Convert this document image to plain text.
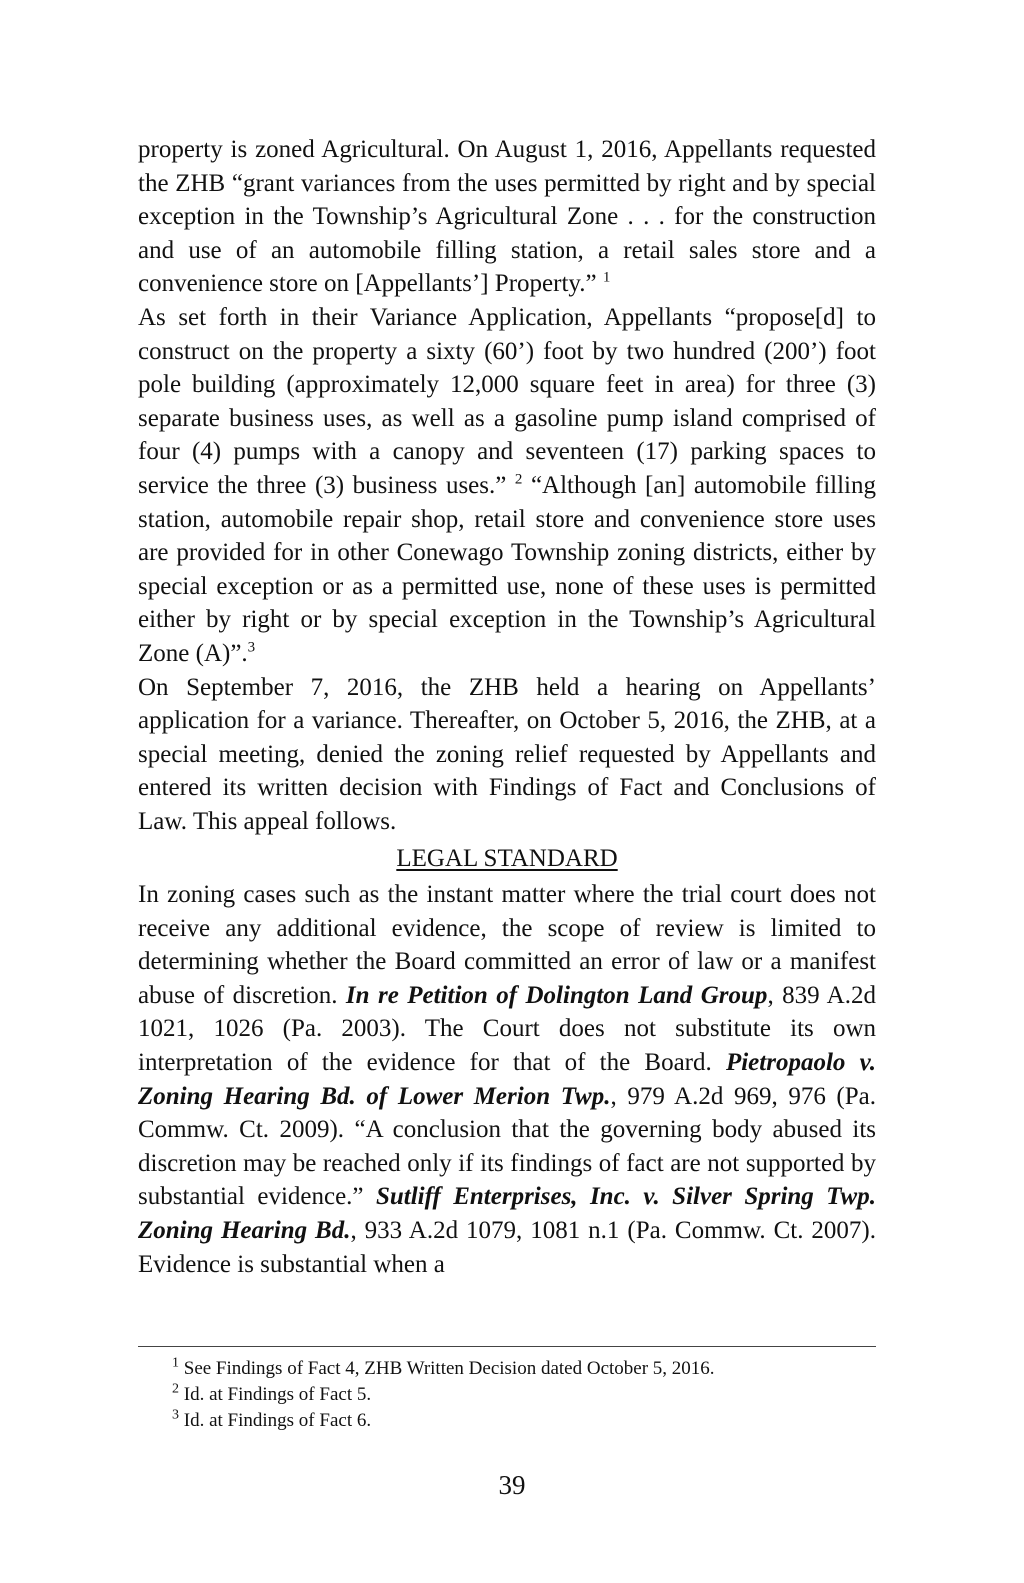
property is zoned Agricultural. On August 1, 2016, Appellants requested the ZHB “grant variances from the uses permitted by right and by special exception in the Township’s Agricultural Zone . . . for the construction and use of an automobile filling station, a retail sales store and a convenience store on [Appellants’] Property.” $^1$

As set forth in their Variance Application, Appellants “propose[d] to construct on the property a sixty (60’) foot by two hundred (200’) foot pole building (approximately 12,000 square feet in area) for three (3) separate business uses, as well as a gasoline pump island comprised of four (4) pumps with a canopy and seventeen (17) parking spaces to service the three (3) business uses.” $^2$ “Although [an] automobile filling station, automobile repair shop, retail store and convenience store uses are provided for in other Conewago Township zoning districts, either by special exception or as a permitted use, none of these uses is permitted either by right or by special exception in the Township’s Agricultural Zone (A)”.$^3$

On September 7, 2016, the ZHB held a hearing on Appellants’ application for a variance. Thereafter, on October 5, 2016, the ZHB, at a special meeting, denied the zoning relief requested by Appellants and entered its written decision with Findings of Fact and Conclusions of Law. This appeal follows.

LEGAL STANDARD

In zoning cases such as the instant matter where the trial court does not receive any additional evidence, the scope of review is limited to determining whether the Board committed an error of law or a manifest abuse of discretion. In re Petition of Dolington Land Group, 839 A.2d 1021, 1026 (Pa. 2003). The Court does not substitute its own interpretation of the evidence for that of the Board. Pietropaolo v. Zoning Hearing Bd. of Lower Merion Twp., 979 A.2d 969, 976 (Pa. Commw. Ct. 2009). “A conclusion that the governing body abused its discretion may be reached only if its findings of fact are not supported by substantial evidence.” Sutliff Enterprises, Inc. v. Silver Spring Twp. Zoning Hearing Bd., 933 A.2d 1079, 1081 n.1 (Pa. Commw. Ct. 2007). Evidence is substantial when a

$^1$ See Findings of Fact 4, ZHB Written Decision dated October 5, 2016.

$^2$ Id. at Findings of Fact 5.

$^3$ Id. at Findings of Fact 6.

39
